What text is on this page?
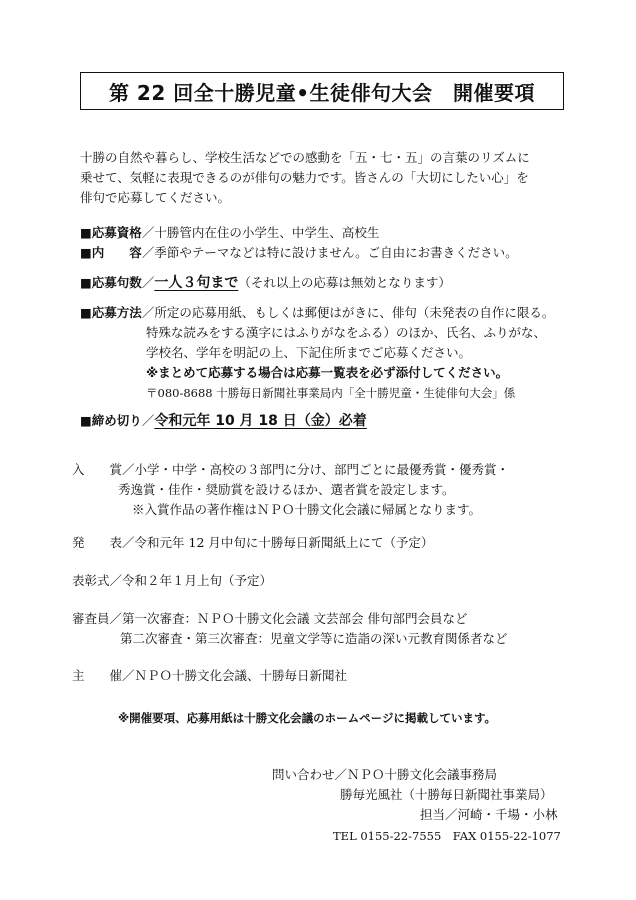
第 22 回全十勝児童•生徒俳句大会　開催要項
十勝の自然や暮らし、学校生活などでの感動を「五・七・五」の言葉のリズムに
乗せて、気軽に表現できるのが俳句の魅力です。皆さんの「大切にしたい心」を
俳句で応募してください。
■応募資格／十勝管内在住の小学生、中学生、高校生
■内　　容／季節やテーマなどは特に設けません。ご自由にお書きください。
■応募句数／一人３句まで（それ以上の応募は無効となります）
■応募方法／所定の応募用紙、もしくは郵便はがきに、俳句（未発表の自作に限る。
特殊な読みをする漢字にはふりがなをふる）のほか、氏名、ふりがな、
学校名、学年を明記の上、下記住所までご応募ください。
※まとめて応募する場合は応募一覧表を必ず添付してください。
〒080‐8688 十勝毎日新聞社事業局内「全十勝児童・生徒俳句大会」係
■締め切り／令和元年 10 月 18 日（金）必着
入　　賞／小学・中学・高校の３部門に分け、部門ごとに最優秀賞・優秀賞・
秀逸賞・佳作・奨励賞を設けるほか、選者賞を設定します。
※入賞作品の著作権はＮＰＯ十勝文化会議に帰属となります。
発　　表／令和元年 12 月中旬に十勝毎日新聞紙上にて（予定）
表彰式／令和２年１月上旬（予定）
審査員／第一次審査：ＮＰＯ十勝文化会議 文芸部会 俳句部門会員など
第二次審査・第三次審査：児童文学等に造詣の深い元教育関係者など
主　　催／ＮＰＯ十勝文化会議、十勝毎日新聞社
※開催要項、応募用紙は十勝文化会議のホームページに掲載しています。
問い合わせ／ＮＰＯ十勝文化会議事務局
勝毎光風社（十勝毎日新聞社事業局）
担当／河崎・千場・小林
TEL 0155-22-7555　FAX 0155-22-1077
